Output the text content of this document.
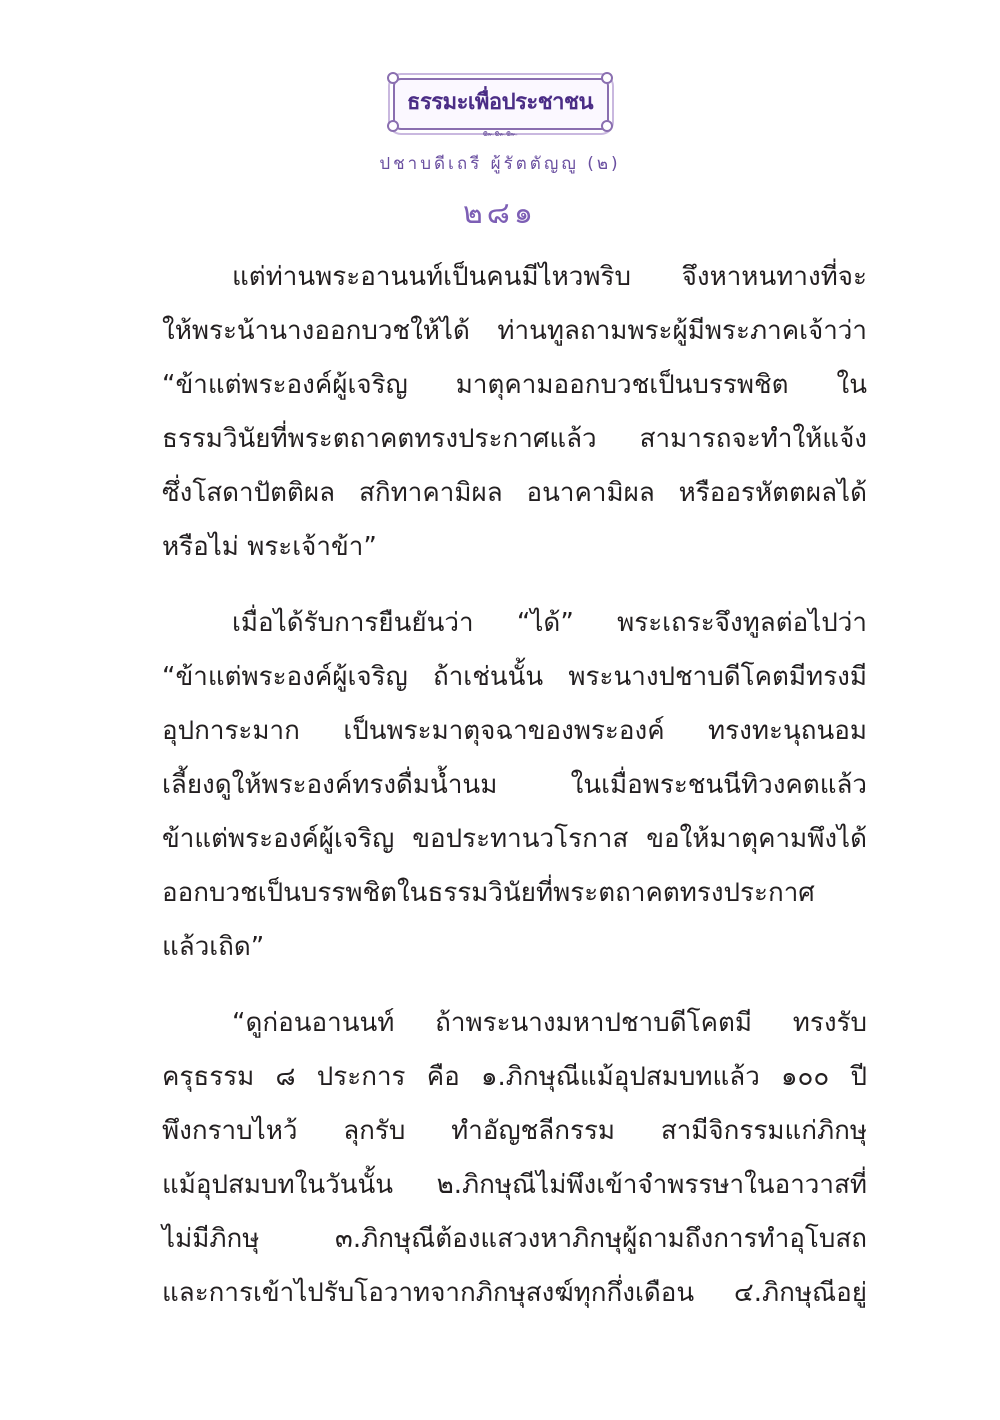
ธรรมะเพื่อประชาชน
๛๛๛
ปชาบดีเถรี ผู้รัตตัญญู (๒)
๒๘๑
แต่ท่านพระอานนท์เป็นคนมีไหวพริบ จึงหาหนทางที่จะ
ให้พระน้านางออกบวชให้ได้ ท่านทูลถามพระผู้มีพระภาคเจ้าว่า
“ข้าแต่พระองค์ผู้เจริญ มาตุคามออกบวชเป็นบรรพชิต ใน
ธรรมวินัยที่พระตถาคตทรงประกาศแล้ว สามารถจะทำให้แจ้ง
ซึ่งโสดาปัตติผล สกิทาคามิผล อนาคามิผล หรืออรหัตตผลได้
หรือไม่ พระเจ้าข้า”
เมื่อได้รับการยืนยันว่า “ได้” พระเถระจึงทูลต่อไปว่า
“ข้าแต่พระองค์ผู้เจริญ ถ้าเช่นนั้น พระนางปชาบดีโคตมีทรงมี
อุปการะมาก เป็นพระมาตุจฉาของพระองค์ ทรงทะนุถนอม
เลี้ยงดูให้พระองค์ทรงดื่มน้ำนม ในเมื่อพระชนนีทิวงคตแล้ว
ข้าแต่พระองค์ผู้เจริญ ขอประทานวโรกาส ขอให้มาตุคามพึงได้
ออกบวชเป็นบรรพชิตในธรรมวินัยที่พระตถาคตทรงประกาศ
แล้วเถิด”
“ดูก่อนอานนท์ ถ้าพระนางมหาปชาบดีโคตมี ทรงรับ
ครุธรรม ๘ ประการ คือ ๑.ภิกษุณีแม้อุปสมบทแล้ว ๑๐๐ ปี
พึงกราบไหว้ ลุกรับ ทำอัญชลีกรรม สามีจิกรรมแก่ภิกษุ
แม้อุปสมบทในวันนั้น ๒.ภิกษุณีไม่พึงเข้าจำพรรษาในอาวาสที่
ไม่มีภิกษุ ๓.ภิกษุณีต้องแสวงหาภิกษุผู้ถามถึงการทำอุโบสถ
และการเข้าไปรับโอวาทจากภิกษุสงฆ์ทุกกึ่งเดือน ๔.ภิกษุณีอยู่
